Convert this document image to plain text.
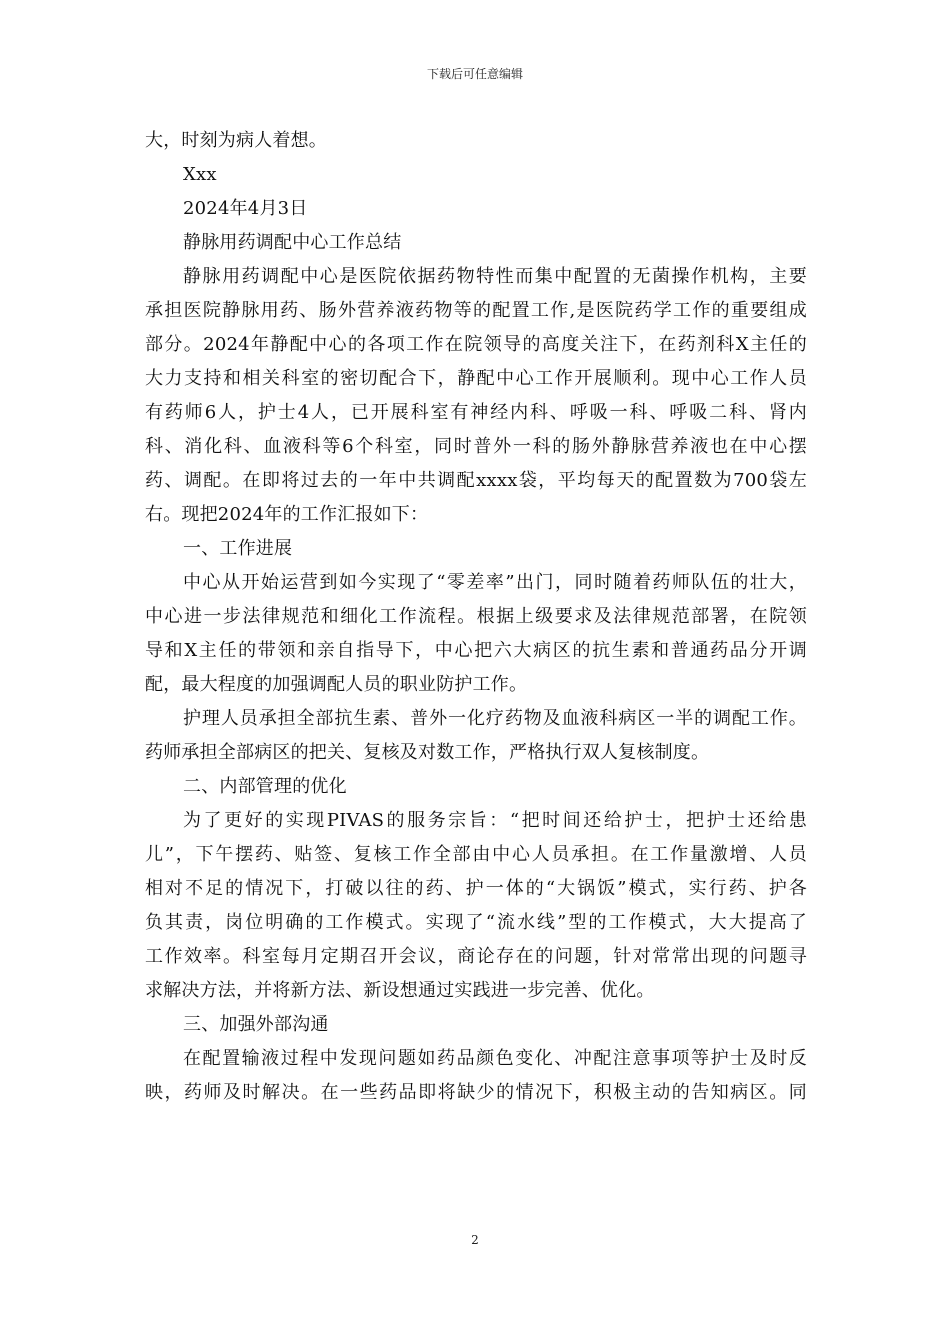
下载后可任意编辑
大，时刻为病人着想。
Xxx
2024年4月3日
静脉用药调配中心工作总结
静脉用药调配中心是医院依据药物特性而集中配置的无菌操作机构，主要
承担医院静脉用药、肠外营养液药物等的配置工作,是医院药学工作的重要组成
部分。2024年静配中心的各项工作在院领导的高度关注下，在药剂科X主任的
大力支持和相关科室的密切配合下，静配中心工作开展顺利。现中心工作人员
有药师6人，护士4人，已开展科室有神经内科、呼吸一科、呼吸二科、肾内
科、消化科、血液科等6个科室，同时普外一科的肠外静脉营养液也在中心摆
药、调配。在即将过去的一年中共调配xxxx袋，平均每天的配置数为700袋左
右。现把2024年的工作汇报如下：
一、工作进展
中心从开始运营到如今实现了“零差率”出门，同时随着药师队伍的壮大，
中心进一步法律规范和细化工作流程。根据上级要求及法律规范部署，在院领
导和X主任的带领和亲自指导下，中心把六大病区的抗生素和普通药品分开调
配，最大程度的加强调配人员的职业防护工作。
护理人员承担全部抗生素、普外一化疗药物及血液科病区一半的调配工作。
药师承担全部病区的把关、复核及对数工作，严格执行双人复核制度。
二、内部管理的优化
为了更好的实现PIVAS的服务宗旨：“把时间还给护士，把护士还给患
儿”，下午摆药、贴签、复核工作全部由中心人员承担。在工作量激增、人员
相对不足的情况下，打破以往的药、护一体的“大锅饭”模式，实行药、护各
负其责，岗位明确的工作模式。实现了“流水线”型的工作模式，大大提高了
工作效率。科室每月定期召开会议，商论存在的问题，针对常常出现的问题寻
求解决方法，并将新方法、新设想通过实践进一步完善、优化。
三、加强外部沟通
在配置输液过程中发现问题如药品颜色变化、冲配注意事项等护士及时反
映，药师及时解决。在一些药品即将缺少的情况下，积极主动的告知病区。同
2
